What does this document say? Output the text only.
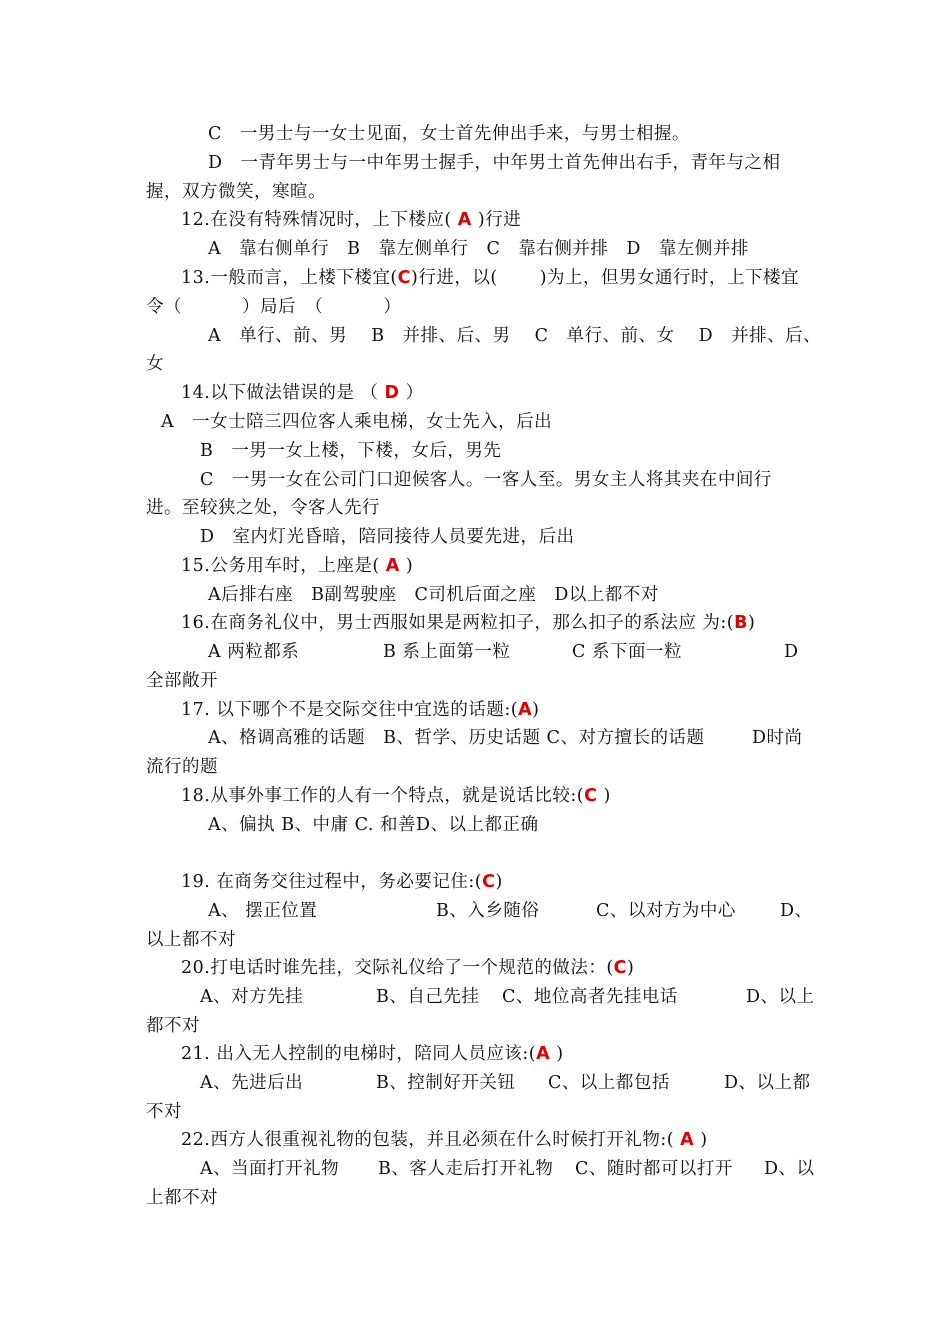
C　一男士与一女士见面，女士首先伸出手来，与男士相握。
D　一青年男士与一中年男士握手，中年男士首先伸出右手，青年与之相
握，双方微笑，寒暄。
12.在没有特殊情况时，上下楼应( A )行进
A　靠右侧单行　B　靠左侧单行　C　靠右侧并排　D　靠左侧并排
13.一般而言，上楼下楼宜(C)行进，以(　　 )为上，但男女通行时，上下楼宜
令（　　　 ）局后　（　　　 ）
A　单行、前、男　 B　并排、后、男　 C　单行、前、女　 D　并排、后、
女
14.以下做法错误的是 （ D ）
A　一女士陪三四位客人乘电梯，女士先入，后出
B　一男一女上楼，下楼，女后，男先
C　一男一女在公司门口迎候客人。一客人至。男女主人将其夹在中间行
进。至较狭之处，令客人先行
D　室内灯光昏暗，陪同接待人员要先进，后出
15.公务用车时，上座是( A )
A后排右座　B副驾驶座　C司机后面之座　D以上都不对
16.在商务礼仪中，男士西服如果是两粒扣子，那么扣子的系法应 为:(B)
A 两粒都系	B 系上面第一粒	C 系下面一粒	D
全部敞开
17. 以下哪个不是交际交往中宜选的话题:(A)
A、格调高雅的话题　B、哲学、历史话题 C、对方擅长的话题	D时尚
流行的题
18.从事外事工作的人有一个特点，就是说话比较:(C )
A、偏执 B、中庸 C. 和善D、以上都正确
19. 在商务交往过程中，务必要记住:(C)
A、 摆正位置	B、入乡随俗	C、以对方为中心	D、
以上都不对
20.打电话时谁先挂，交际礼仪给了一个规范的做法：(C)
A、对方先挂	B、自己先挂 C、地位高者先挂电话	D、以上
都不对
21. 出入无人控制的电梯时，陪同人员应该:(A )
A、先进后出	B、控制好开关钮 C、以上都包括	D、以上都
不对
22.西方人很重视礼物的包装，并且必须在什么时候打开礼物:( A )
A、当面打开礼物 B、客人走后打开礼物 C、随时都可以打开 D、以
上都不对
